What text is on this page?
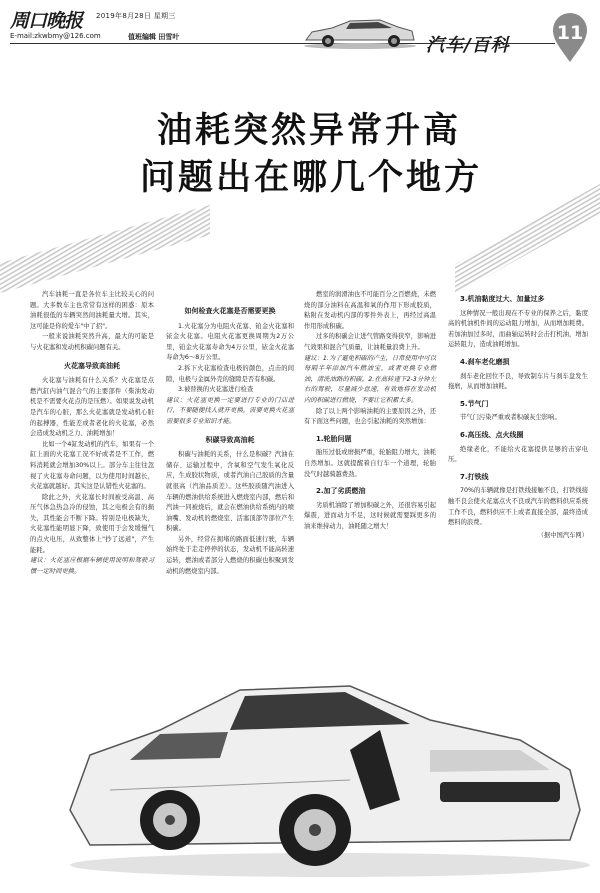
周口晚报 2019年8月28日 星期三
E-mail:zkwbmy@126.com	值班编辑 田雪叶	汽车/百科
11
油耗突然异常升高
问题出在哪几个地方

汽车油耗一直是各位车主比较关心的问题。大多数车主也常常有这样的困惑：原本油耗很低的车辆突然间油耗量大增。其实，这可能是你的爱车"中了招"。

一般来说油耗突然升高，最大的可能是与火花塞和发动机积碳问题有关。

火花塞导致高油耗

火花塞与油耗有什么关系？火花塞是点燃汽缸内油气混合气的主要部件（柴油发动机是不需要火花点的是压燃）。如果说发动机是汽车的心脏，那么火花塞就是发动机心脏的起搏器，性能差或者老化的火花塞，必然会造成发动机乏力、油耗增加！

比如一个4缸发动机的汽车，如果有一个缸上面的火花塞工况不好或者是不工作，燃料消耗就会增加30%以上。部分车主往往忽视了火花塞寿命问题，以为使用时间越长，火花塞就越好。其实这是认错性火花塞的。

除此之外，火花塞长时间被受高温、高压气体急热急冷的侵蚀，其之电极会有的损失，其性能会不断下降。特别是电极缺失，火花塞性能明显下降，致使用于会发缓慢气的点火电压，从致整体上"抄了远道"，产生能耗。

建议：火花塞应根据车辆使用说明和驾驶习惯一定时间更换。

如何检查火花塞是否需要更换

1.火花塞分为电阻火花塞、铂金火花塞和铱金火花塞。电阻火花塞更换周期为2万公里，铂金火花塞寿命为4万公里，铱金火花塞寿命为6～8万公里。

2.拆下火花塞检查电极的颜色，点击的间隙，电极与金属外壳的缝隙是否有积碳。

3.被替换的火花塞进行检查

建议：火花塞更换一定要进行专业的门店进行，不要随便找人就开更换，需要更换火花塞需要很多专业知识才能。

积碳导致高油耗

积碳与油耗的关系，什么是积碳？汽油在储存、运输过程中，含氧和空气发生氧化反应，生成胶状物质，或者汽油自己胶质的含量就很高（汽油品质差）。这些胶质随汽油进入车辆的燃油供给系统进入燃烧室内部，燃后和汽油一同被烧后，就会在燃油供给系统内的喷油嘴、发动机的燃烧室、活塞顶部等部位产生积碳。

另外，经常在拥堵的路面低速行驶，车辆始终处于走走停停的状态，发动机不能高转速运转，燃油或者部分人燃烧的积碳也积聚到发动机的燃烧室内部。

燃室的润滑油也不可能百分之百燃烧，未燃烧的部分油料在高温和氧的作用下形成胶质，粘附在发动机内部的零件外表上，再经过高温作用形成积碳。

过多的积碳会让进气管路变得狭窄，影响进气效果和混合气质量，让油耗量浪费上升。

建议：1.为了避免积碳的产生，日常使用中可以每隔半年添加汽车燃油宝，或者更换专业燃油，清洗油路的积碳。2.在高转速下2-3分钟左右的驾驶，尽量减少怠速，有效地将在发动机内的积碳进行燃烧，不要让它积累太多。

除了以上两个影响油耗的主要原因之外，还有下面这些问题，也会引起油耗的突然增加：

1.轮胎问题

胎压过低或磨损严重，轮胎阻力增大，油耗自然增加。这就提醒着自行车一个道理，轮胎没气时越骑越费劲。

2.加了劣质燃油

劣质机油除了增加积碳之外，还很容易引起爆震，进而动力不足，这时候就需要踩更多的油来维持动力，油耗随之增大！

3.机油黏度过大、加量过多

这种情况一般出现在不专业的保养之后，黏度高的机油机件间的运动阻力增加，从而增加耗费。若加油加过多时，而曲轴运转时会击打机油，增加运转阻力，造成油耗增加。

4.刹车老化磨损

刹车老化回位不良，导致制车片与刹车盘发生拖磨，从而增加油耗。

5.节气门

节气门污染严重或者积碳灰尘影响。

6.高压线、点火线圈

绝缘老化，不能给火花塞提供足够的击穿电压。

7.打铁线

70%的车辆就像是打铁线接触不良，打铁线接触不良会使火花塞点火不良或汽车的燃料供应系统工作不良，燃料供应不上或者直接全部，最终造成燃料的浪费。

（据中国汽车网）
